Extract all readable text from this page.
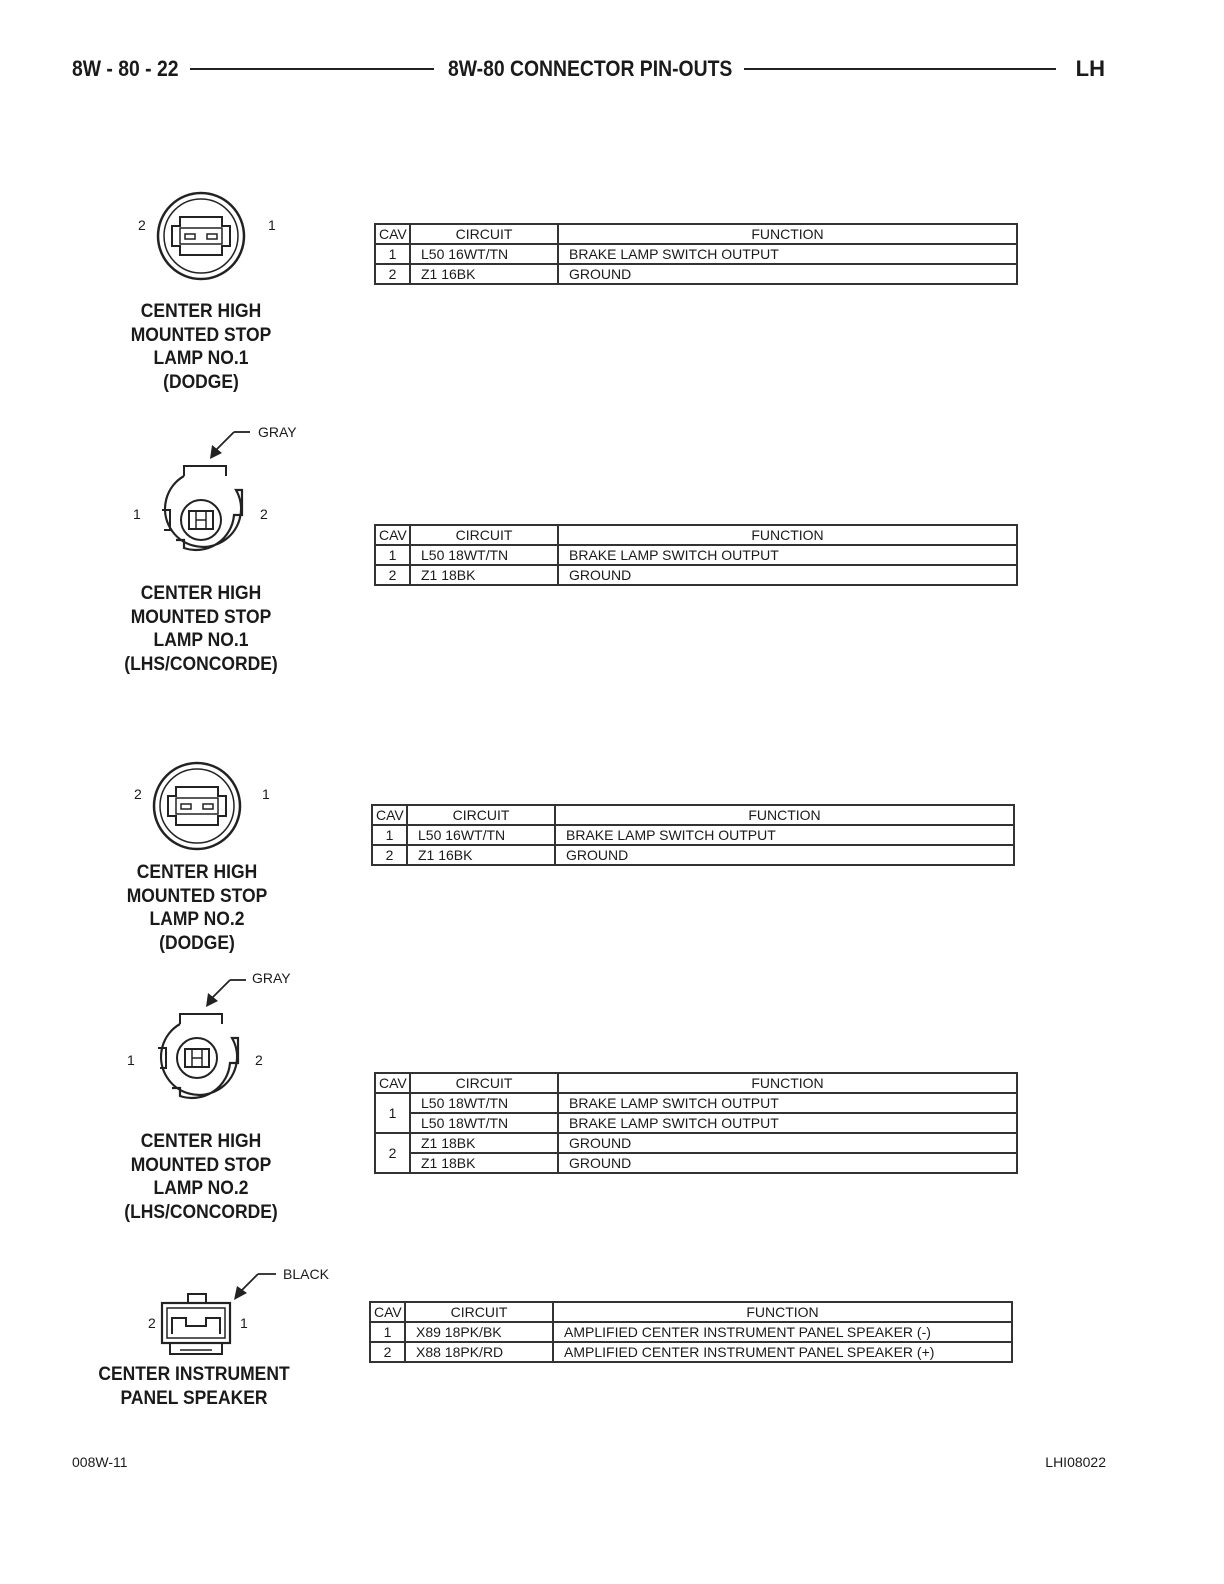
8W - 80 - 22	8W-80 CONNECTOR PIN-OUTS	LH
2	1
CENTER HIGH
MOUNTED STOP
LAMP NO.1
(DODGE)
CAV	CIRCUIT	FUNCTION
1	L50 16WT/TN	BRAKE LAMP SWITCH OUTPUT
2	Z1 16BK	GROUND
GRAY
1	2
CENTER HIGH
MOUNTED STOP
LAMP NO.1
(LHS/CONCORDE)
CAV	CIRCUIT	FUNCTION
1	L50 18WT/TN	BRAKE LAMP SWITCH OUTPUT
2	Z1 18BK	GROUND
2	1
CENTER HIGH
MOUNTED STOP
LAMP NO.2
(DODGE)
CAV	CIRCUIT	FUNCTION
1	L50 16WT/TN	BRAKE LAMP SWITCH OUTPUT
2	Z1 16BK	GROUND
GRAY
1	2
CENTER HIGH
MOUNTED STOP
LAMP NO.2
(LHS/CONCORDE)
CAV	CIRCUIT	FUNCTION
1	L50 18WT/TN	BRAKE LAMP SWITCH OUTPUT
	L50 18WT/TN	BRAKE LAMP SWITCH OUTPUT
2	Z1 18BK	GROUND
	Z1 18BK	GROUND
BLACK
2	1
CENTER INSTRUMENT
PANEL SPEAKER
CAV	CIRCUIT	FUNCTION
1	X89 18PK/BK	AMPLIFIED CENTER INSTRUMENT PANEL SPEAKER (-)
2	X88 18PK/RD	AMPLIFIED CENTER INSTRUMENT PANEL SPEAKER (+)
008W-11	LHI08022
